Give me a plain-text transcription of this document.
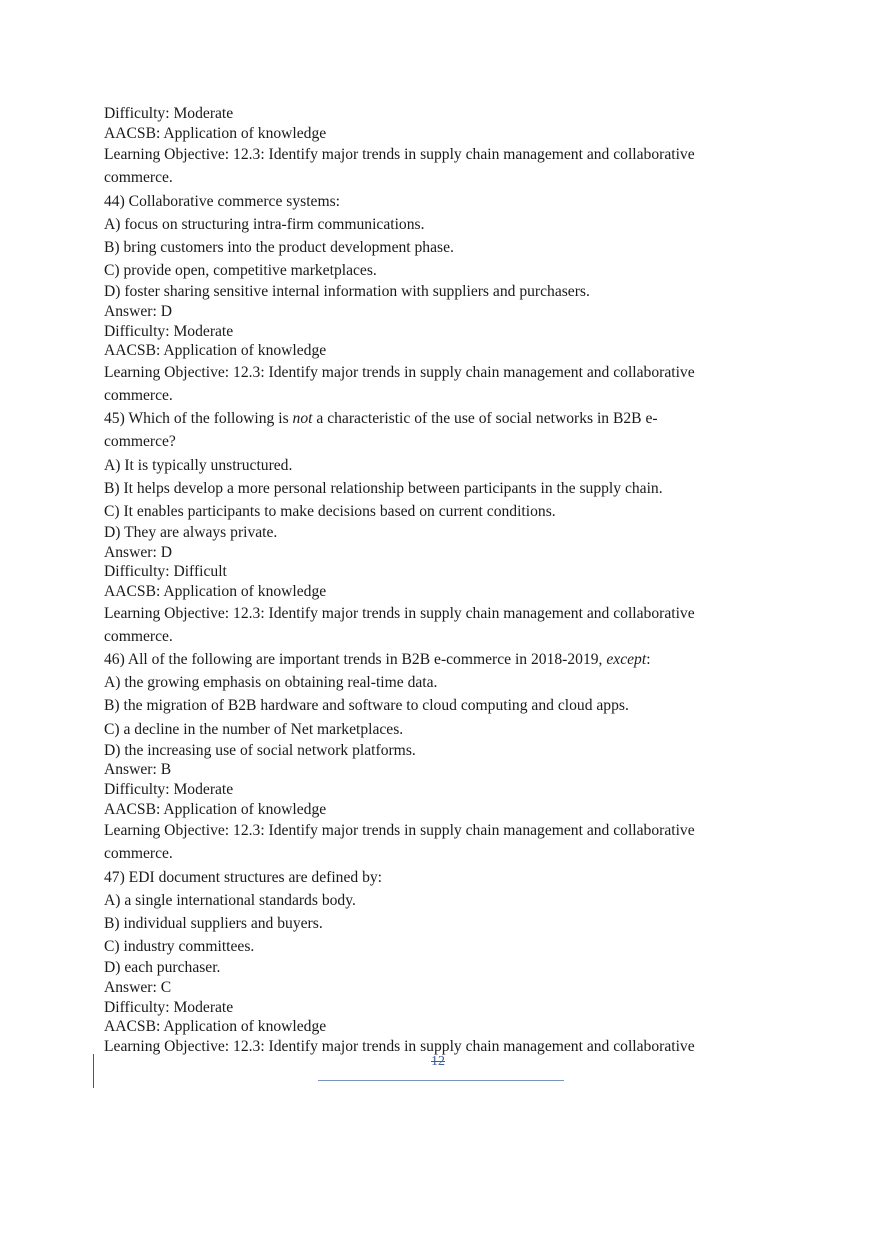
Difficulty: Moderate
AACSB: Application of knowledge
Learning Objective: 12.3: Identify major trends in supply chain management and collaborative
commerce.
44) Collaborative commerce systems:
A) focus on structuring intra-firm communications.
B) bring customers into the product development phase.
C) provide open, competitive marketplaces.
D) foster sharing sensitive internal information with suppliers and purchasers.
Answer: D
Difficulty: Moderate
AACSB: Application of knowledge
Learning Objective: 12.3: Identify major trends in supply chain management and collaborative
commerce.
45) Which of the following is not a characteristic of the use of social networks in B2B e-
commerce?
A) It is typically unstructured.
B) It helps develop a more personal relationship between participants in the supply chain.
C) It enables participants to make decisions based on current conditions.
D) They are always private.
Answer: D
Difficulty: Difficult
AACSB: Application of knowledge
Learning Objective: 12.3: Identify major trends in supply chain management and collaborative
commerce.
46) All of the following are important trends in B2B e-commerce in 2018-2019, except:
A) the growing emphasis on obtaining real-time data.
B) the migration of B2B hardware and software to cloud computing and cloud apps.
C) a decline in the number of Net marketplaces.
D) the increasing use of social network platforms.
Answer: B
Difficulty: Moderate
AACSB: Application of knowledge
Learning Objective: 12.3: Identify major trends in supply chain management and collaborative
commerce.
47) EDI document structures are defined by:
A) a single international standards body.
B) individual suppliers and buyers.
C) industry committees.
D) each purchaser.
Answer: C
Difficulty: Moderate
AACSB: Application of knowledge
Learning Objective: 12.3: Identify major trends in supply chain management and collaborative
12
